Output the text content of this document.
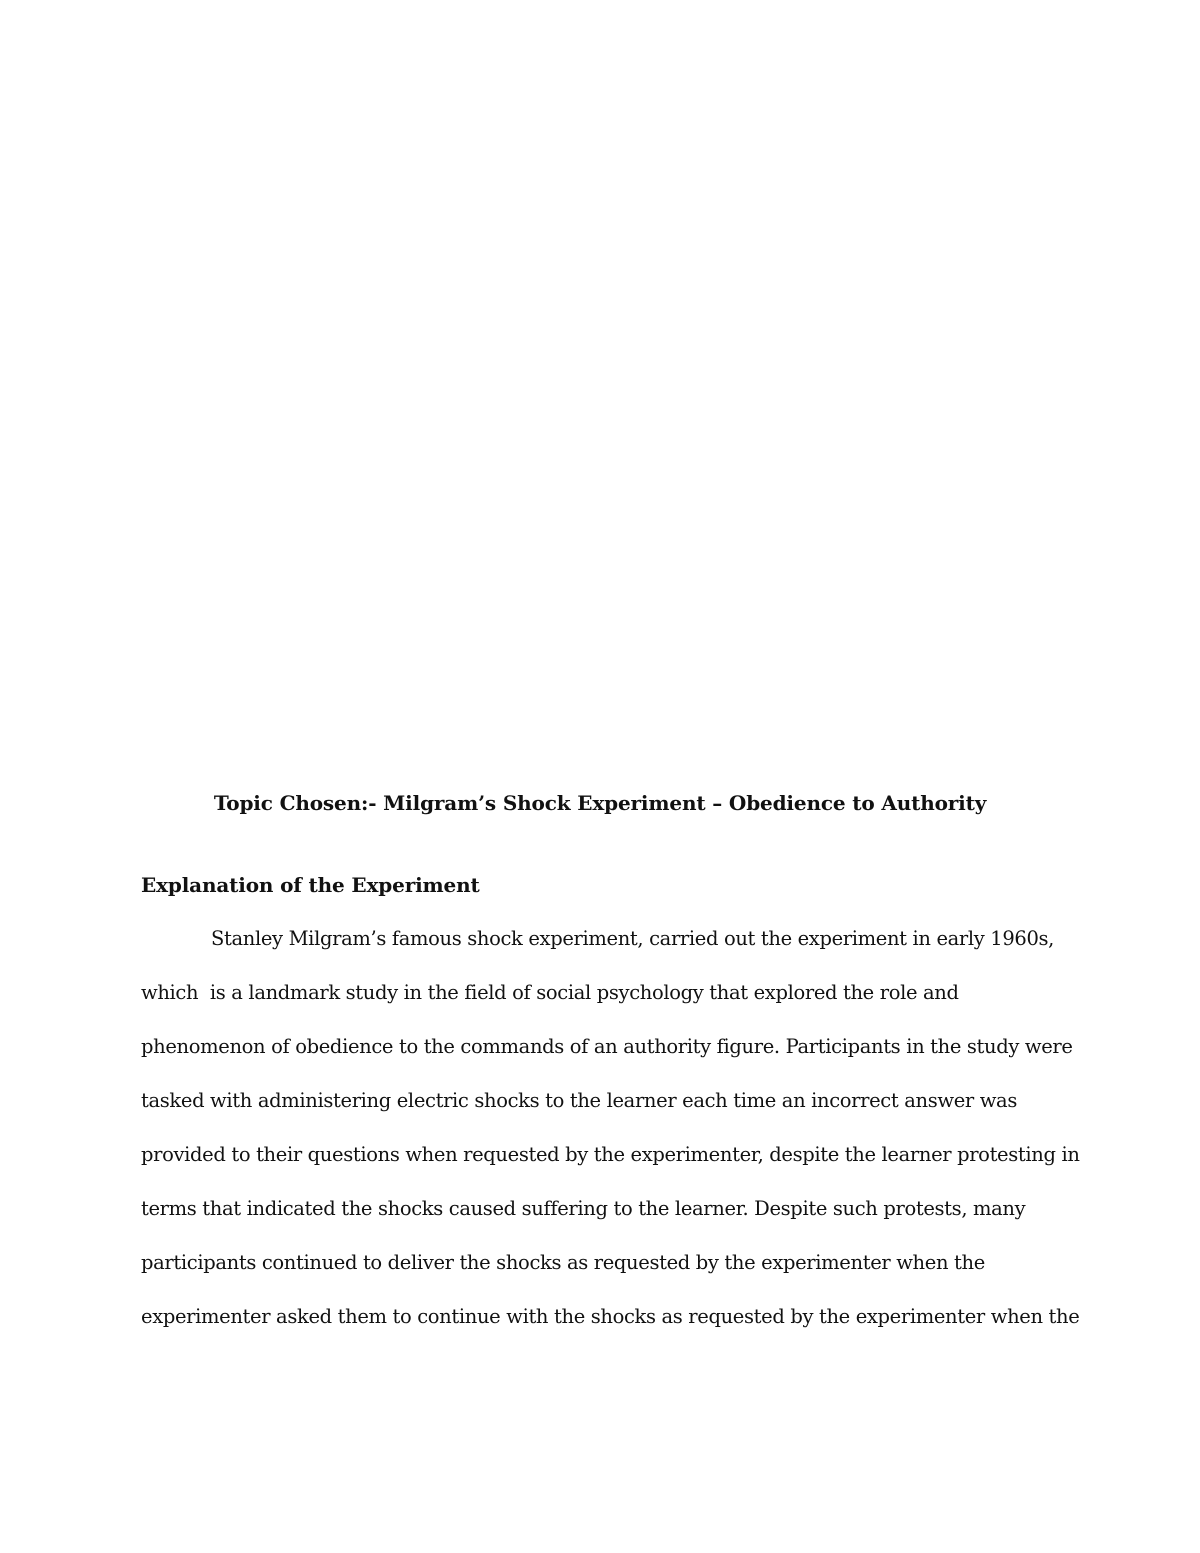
Topic Chosen:- Milgram’s Shock Experiment – Obedience to Authority
Explanation of the Experiment
Stanley Milgram’s famous shock experiment, carried out the experiment in early 1960s,
which  is a landmark study in the field of social psychology that explored the role and
phenomenon of obedience to the commands of an authority figure. Participants in the study were
tasked with administering electric shocks to the learner each time an incorrect answer was
provided to their questions when requested by the experimenter, despite the learner protesting in
terms that indicated the shocks caused suffering to the learner. Despite such protests, many
participants continued to deliver the shocks as requested by the experimenter when the
experimenter asked them to continue with the shocks as requested by the experimenter when the
